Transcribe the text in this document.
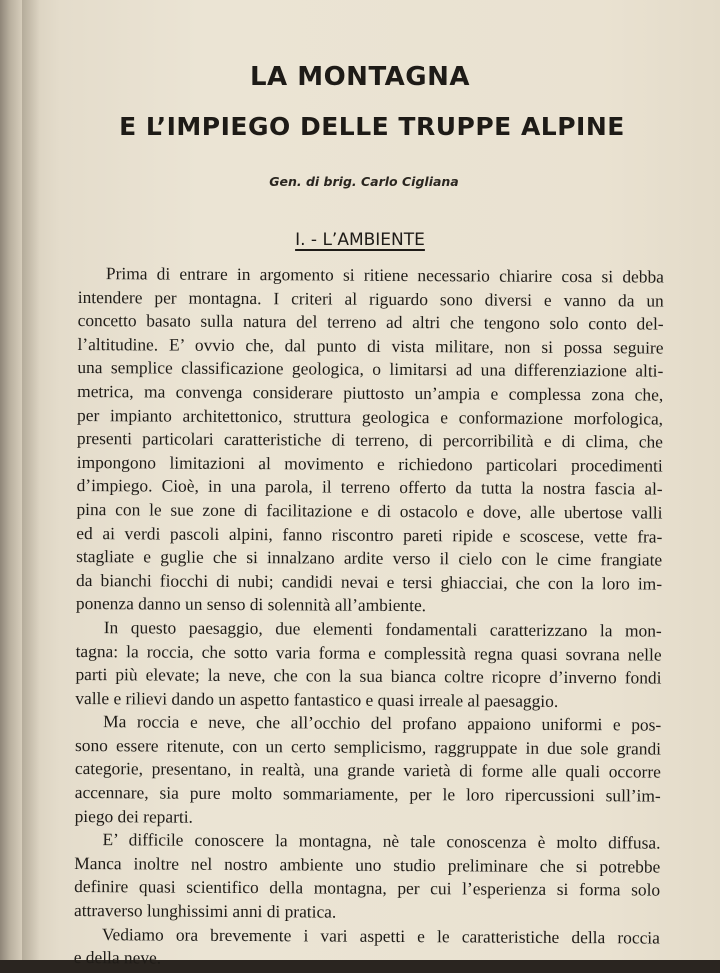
LA MONTAGNA
E L’IMPIEGO DELLE TRUPPE ALPINE
Gen. di brig. Carlo Cigliana
I. - L’AMBIENTE
Prima di entrare in argomento si ritiene necessario chiarire cosa si debba
intendere per montagna. I criteri al riguardo sono diversi e vanno da un
concetto basato sulla natura del terreno ad altri che tengono solo conto del-
l’altitudine. E’ ovvio che, dal punto di vista militare, non si possa seguire
una semplice classificazione geologica, o limitarsi ad una differenziazione alti-
metrica, ma convenga considerare piuttosto un’ampia e complessa zona che,
per impianto architettonico, struttura geologica e conformazione morfologica,
presenti particolari caratteristiche di terreno, di percorribilità e di clima, che
impongono limitazioni al movimento e richiedono particolari procedimenti
d’impiego. Cioè, in una parola, il terreno offerto da tutta la nostra fascia al-
pina con le sue zone di facilitazione e di ostacolo e dove, alle ubertose valli
ed ai verdi pascoli alpini, fanno riscontro pareti ripide e scoscese, vette fra-
stagliate e guglie che si innalzano ardite verso il cielo con le cime frangiate
da bianchi fiocchi di nubi; candidi nevai e tersi ghiacciai, che con la loro im-
ponenza danno un senso di solennità all’ambiente.
In questo paesaggio, due elementi fondamentali caratterizzano la mon-
tagna: la roccia, che sotto varia forma e complessità regna quasi sovrana nelle
parti più elevate; la neve, che con la sua bianca coltre ricopre d’inverno fondi
valle e rilievi dando un aspetto fantastico e quasi irreale al paesaggio.
Ma roccia e neve, che all’occhio del profano appaiono uniformi e pos-
sono essere ritenute, con un certo semplicismo, raggruppate in due sole grandi
categorie, presentano, in realtà, una grande varietà di forme alle quali occorre
accennare, sia pure molto sommariamente, per le loro ripercussioni sull’im-
piego dei reparti.
E’ difficile conoscere la montagna, nè tale conoscenza è molto diffusa.
Manca inoltre nel nostro ambiente uno studio preliminare che si potrebbe
definire quasi scientifico della montagna, per cui l’esperienza si forma solo
attraverso lunghissimi anni di pratica.
Vediamo ora brevemente i vari aspetti e le caratteristiche della roccia
e della neve.
